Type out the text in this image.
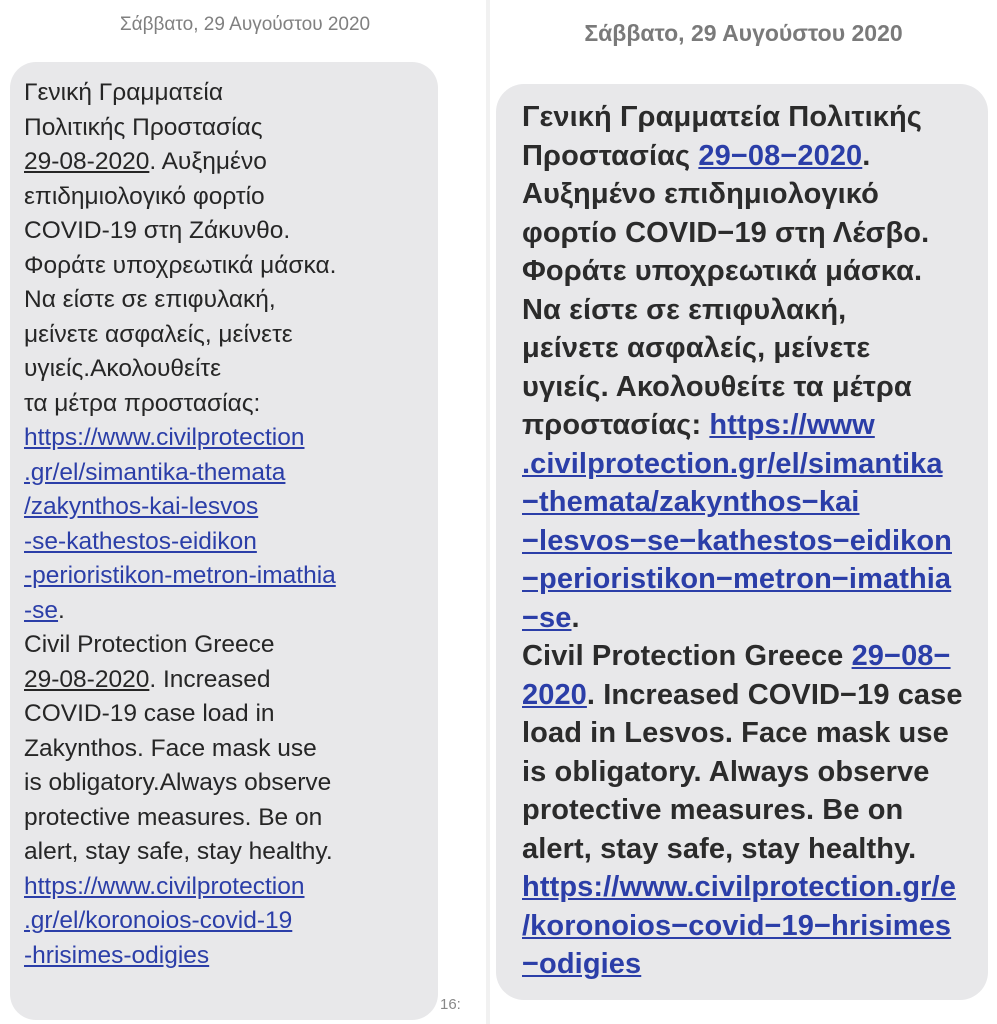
Σάββατο, 29 Αυγούστου 2020

Γενική Γραμματεία
Πολιτικής Προστασίας
29-08-2020. Αυξημένο
επιδημιολογικό φορτίο
COVID-19 στη Ζάκυνθο.
Φοράτε υποχρεωτικά μάσκα.
Να είστε σε επιφυλακή,
μείνετε ασφαλείς, μείνετε
υγιείς.Ακολουθείτε
τα μέτρα προστασίας:
https://www.civilprotection
.gr/el/simantika-themata
/zakynthos-kai-lesvos
-se-kathestos-eidikon
-perioristikon-metron-imathia
-se.
Civil Protection Greece
29-08-2020. Increased
COVID-19 case load in
Zakynthos. Face mask use
is obligatory.Always observe
protective measures. Be on
alert, stay safe, stay healthy.
https://www.civilprotection
.gr/el/koronoios-covid-19
-hrisimes-odigies

16:
Σάββατο, 29 Αυγούστου 2020

Γενική Γραμματεία Πολιτικής
Προστασίας 29−08−2020.
Αυξημένο επιδημιολογικό
φορτίο COVID−19 στη Λέσβο.
Φοράτε υποχρεωτικά μάσκα.
Να είστε σε επιφυλακή,
μείνετε ασφαλείς, μείνετε
υγιείς. Ακολουθείτε τα μέτρα
προστασίας: https://www
.civilprotection.gr/el/simantika
−themata/zakynthos−kai
−lesvos−se−kathestos−eidikon
−perioristikon−metron−imathia
−se.
Civil Protection Greece 29−08−
2020. Increased COVID−19 case
load in Lesvos. Face mask use
is obligatory. Always observe
protective measures. Be on
alert, stay safe, stay healthy.
https://www.civilprotection.gr/e
/koronoios−covid−19−hrisimes
−odigies
